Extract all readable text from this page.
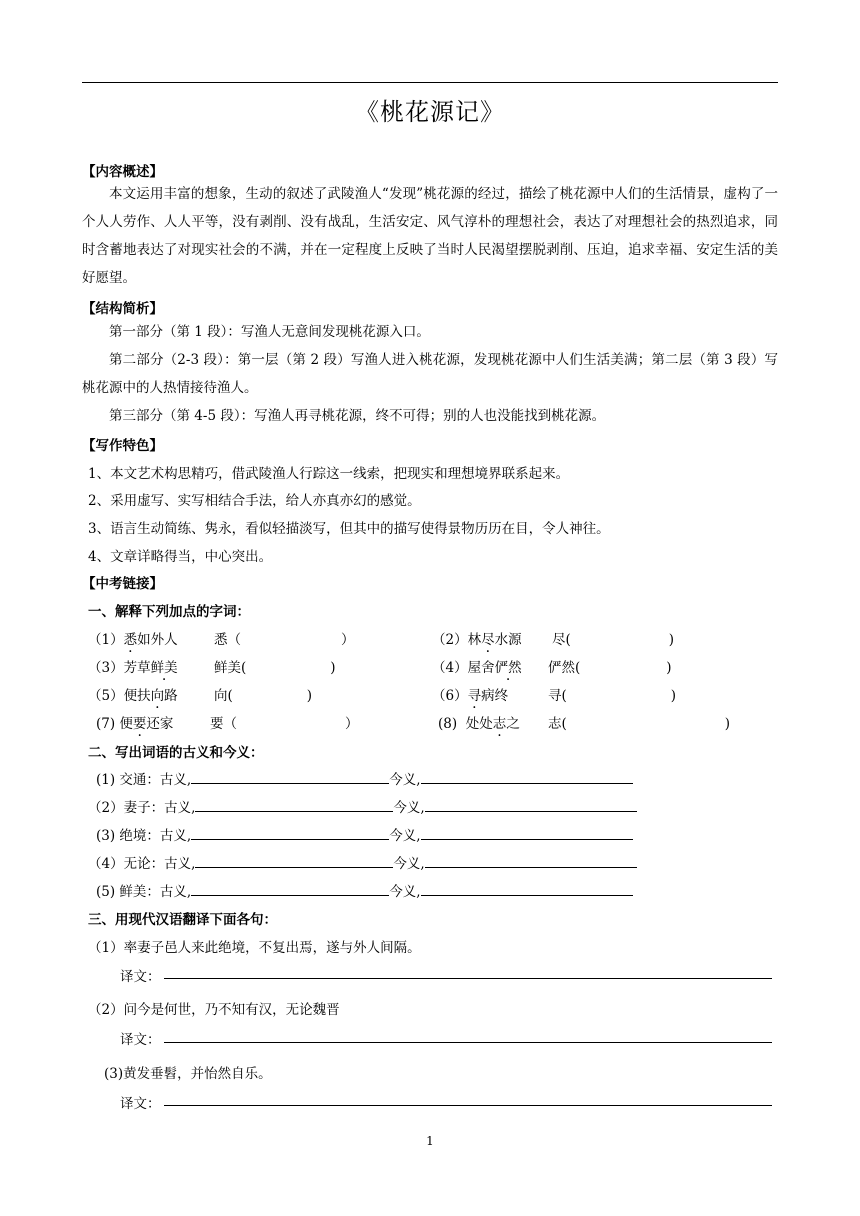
《桃花源记》
【内容概述】
本文运用丰富的想象，生动的叙述了武陵渔人“发现”桃花源的经过，描绘了桃花源中人们的生活情景，虚构了一个人人劳作、人人平等，没有剥削、没有战乱，生活安定、风气淳朴的理想社会，表达了对理想社会的热烈追求，同时含蓄地表达了对现实社会的不满，并在一定程度上反映了当时人民渴望摆脱剥削、压迫，追求幸福、安定生活的美好愿望。
【结构简析】
第一部分（第 1 段）：写渔人无意间发现桃花源入口。
第二部分（2-3 段）：第一层（第 2 段）写渔人进入桃花源，发现桃花源中人们生活美满；第二层（第 3 段）写桃花源中的人热情接待渔人。
第三部分（第 4-5 段）：写渔人再寻桃花源，终不可得；别的人也没能找到桃花源。
【写作特色】
1、本文艺术构思精巧，借武陵渔人行踪这一线索，把现实和理想境界联系起来。
2、采用虚写、实写相结合手法，给人亦真亦幻的感觉。
3、语言生动简练、隽永，看似轻描淡写，但其中的描写使得景物历历在目，令人神往。
4、文章详略得当，中心突出。
【中考链接】
一、解释下列加点的字词：
（1）悉如外人	悉（	）	（2）林尽水源 尽(	)
（3）芳草鲜美	鲜美(	)	（4）屋舍俨然 俨然(	)
（5）便扶向路	向(	)	（6）寻病终	寻(	)
(7) 便要还家	要（	）	(8) 处处志之 志(	)
二、写出词语的古义和今义：
(1) 交通：古义,	今义,
（2）妻子：古义,	今义,
(3) 绝境：古义,	今义,
（4）无论：古义,	今义,
(5) 鲜美：古义,	今义,
三、用现代汉语翻译下面各句：
（1）率妻子邑人来此绝境，不复出焉，遂与外人间隔。
译文：
（2）问今是何世，乃不知有汉，无论魏晋
译文：
(3)黄发垂髫，并怡然自乐。
译文：
1
